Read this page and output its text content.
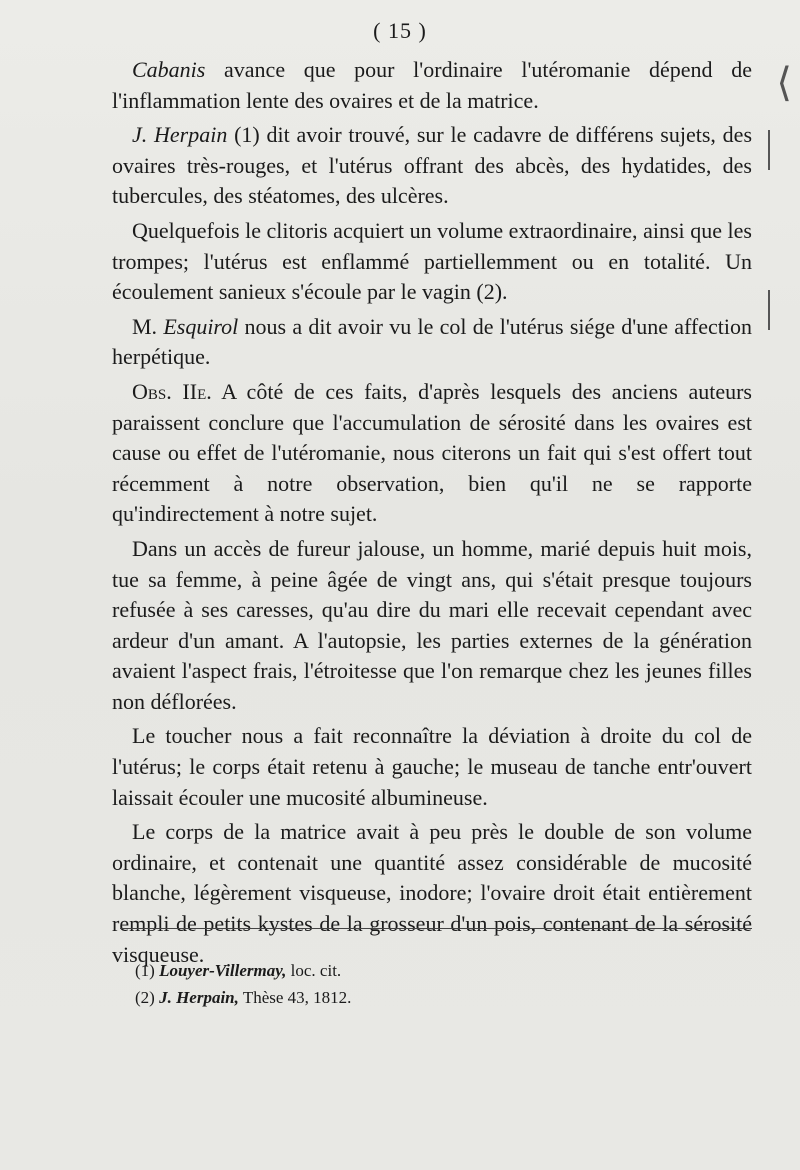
( 15 )
⟨

Cabanis avance que pour l'ordinaire l'utéromanie dépend de l'inflammation lente des ovaires et de la matrice.

J. Herpain (1) dit avoir trouvé, sur le cadavre de différens sujets, des ovaires très-rouges, et l'utérus offrant des abcès, des hydatides, des tubercules, des stéatomes, des ulcères.

Quelquefois le clitoris acquiert un volume extraordinaire, ainsi que les trompes; l'utérus est enflammé partiellemment ou en totalité. Un écoulement sanieux s'écoule par le vagin (2).

M. Esquirol nous a dit avoir vu le col de l'utérus siége d'une affection herpétique.

Obs. IIe. A côté de ces faits, d'après lesquels des anciens auteurs paraissent conclure que l'accumulation de sérosité dans les ovaires est cause ou effet de l'utéromanie, nous citerons un fait qui s'est offert tout récemment à notre observation, bien qu'il ne se rapporte qu'indirectement à notre sujet.

Dans un accès de fureur jalouse, un homme, marié depuis huit mois, tue sa femme, à peine âgée de vingt ans, qui s'était presque toujours refusée à ses caresses, qu'au dire du mari elle recevait cependant avec ardeur d'un amant. A l'autopsie, les parties externes de la génération avaient l'aspect frais, l'étroitesse que l'on remarque chez les jeunes filles non déflorées.

Le toucher nous a fait reconnaître la déviation à droite du col de l'utérus; le corps était retenu à gauche; le museau de tanche entr'ouvert laissait écouler une mucosité albumineuse.

Le corps de la matrice avait à peu près le double de son volume ordinaire, et contenait une quantité assez considérable de mucosité blanche, légèrement visqueuse, inodore; l'ovaire droit était entièrement rempli de petits kystes de la grosseur d'un pois, contenant de la sérosité visqueuse.

(1) Louyer-Villermay, loc. cit.

(2) J. Herpain, Thèse 43, 1812.
